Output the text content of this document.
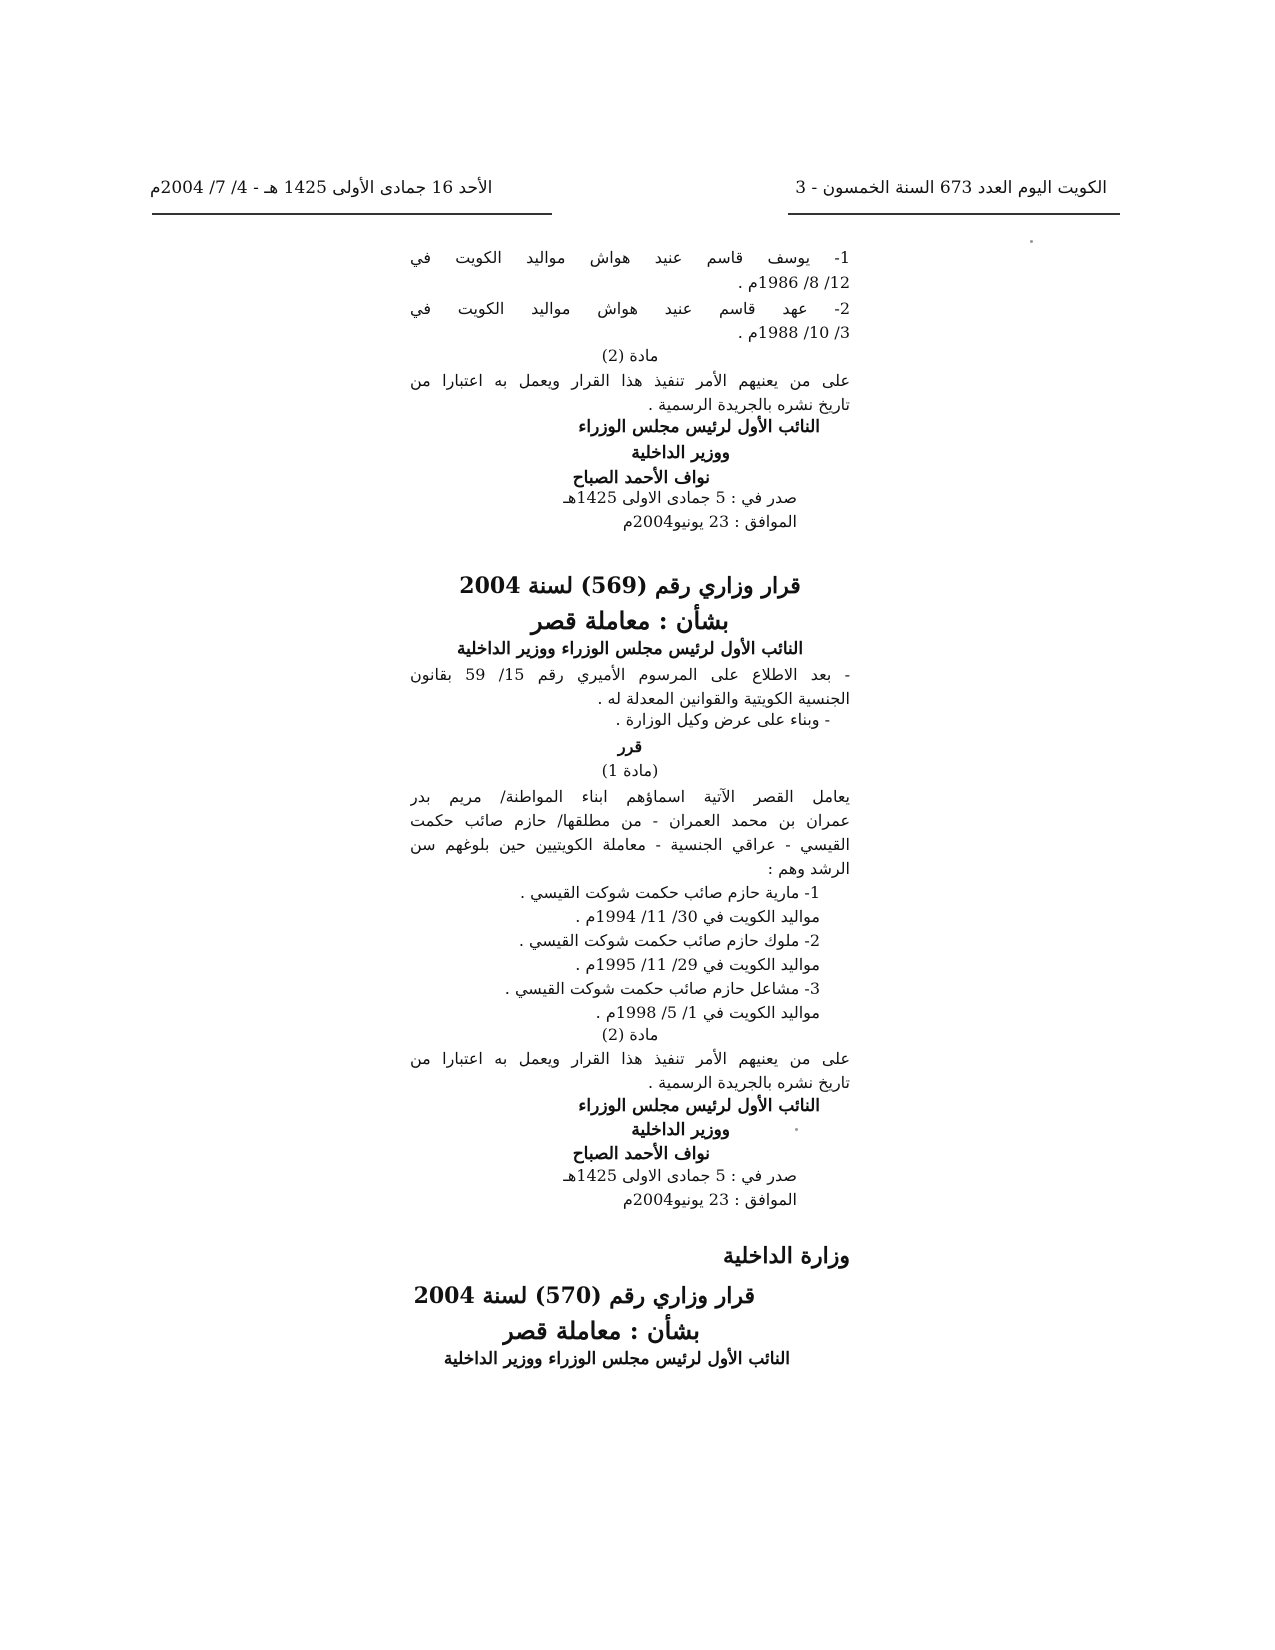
الكويت اليوم العدد 673 السنة الخمسون - 3
الأحد 16 جمادى الأولى 1425 هـ - 4/ 7/ 2004م
1- يوسف قاسم عنيد هواش مواليد الكويت في
12/ 8/ 1986م .
2- عهد قاسم عنيد هواش مواليد الكويت في
3/ 10/ 1988م .
مادة (2)
على من يعنيهم الأمر تنفيذ هذا القرار ويعمل به اعتبارا من
تاريخ نشره بالجريدة الرسمية .
النائب الأول لرئيس مجلس الوزراء
ووزير الداخلية
نواف الأحمد الصباح
صدر في : 5 جمادى الاولى 1425هـ
الموافق : 23 يونيو2004م
قرار وزاري رقم (569) لسنة 2004
بشأن : معاملة قصر
النائب الأول لرئيس مجلس الوزراء ووزير الداخلية
- بعد الاطلاع على المرسوم الأميري رقم 15/ 59 بقانون
الجنسية الكويتية والقوانين المعدلة له .
- وبناء على عرض وكيل الوزارة .
قرر
(مادة 1)
يعامل القصر الآتية اسماؤهم ابناء المواطنة/ مريم بدر
عمران بن محمد العمران - من مطلقها/ حازم صائب حكمت
القيسي - عراقي الجنسية - معاملة الكويتيين حين بلوغهم سن
الرشد وهم :
1- مارية حازم صائب حكمت شوكت القيسي .
مواليد الكويت في 30/ 11/ 1994م .
2- ملوك حازم صائب حكمت شوكت القيسي .
مواليد الكويت في 29/ 11/ 1995م .
3- مشاعل حازم صائب حكمت شوكت القيسي .
مواليد الكويت في 1/ 5/ 1998م .
مادة (2)
على من يعنيهم الأمر تنفيذ هذا القرار ويعمل به اعتبارا من
تاريخ نشره بالجريدة الرسمية .
النائب الأول لرئيس مجلس الوزراء
ووزير الداخلية
نواف الأحمد الصباح
صدر في : 5 جمادى الاولى 1425هـ
الموافق : 23 يونيو2004م
وزارة الداخلية
قرار وزاري رقم (570) لسنة 2004
بشأن : معاملة قصر
النائب الأول لرئيس مجلس الوزراء ووزير الداخلية
